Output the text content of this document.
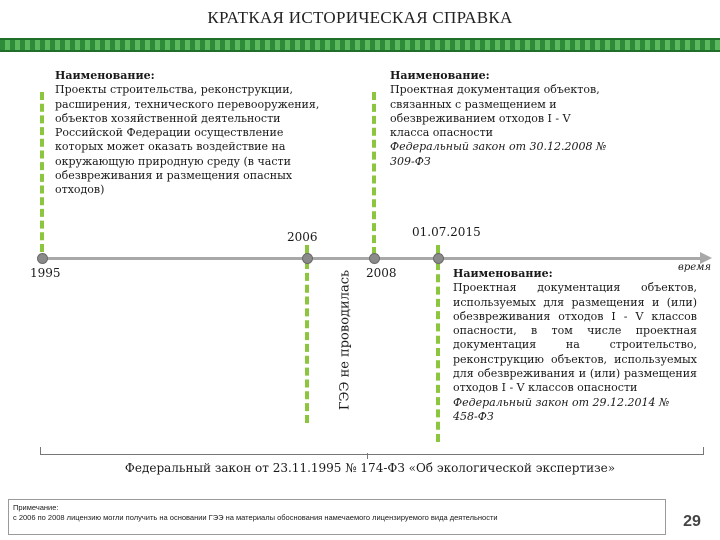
КРАТКАЯ ИСТОРИЧЕСКАЯ СПРАВКА
Наименование:
Проекты строительства, реконструкции, расширения, технического перевооружения, объектов хозяйственной деятельности Российской Федерации осуществление которых может оказать воздействие на окружающую природную среду (в части обезвреживания и размещения опасных отходов)
Наименование:
Проектная документация объектов, связанных с размещением и обезвреживанием отходов I - V класса опасности
Федеральный закон от 30.12.2008 № 309-ФЗ
Наименование:
Проектная документация объектов, используемых для размещения и (или) обезвреживания отходов I - V классов опасности, в том числе проектная документация на строительство, реконструкцию объектов, используемых для обезвреживания и (или) размещения отходов I - V классов опасности
Федеральный закон от 29.12.2014 № 458-ФЗ
1995
2006
2008
01.07.2015
время
ГЭЭ не проводилась
Федеральный закон от 23.11.1995 № 174-ФЗ «Об экологической экспертизе»
Примечание:
с 2006 по 2008 лицензию могли получить на основании ГЭЭ на материалы обоснования намечаемого лицензируемого вида деятельности	29
